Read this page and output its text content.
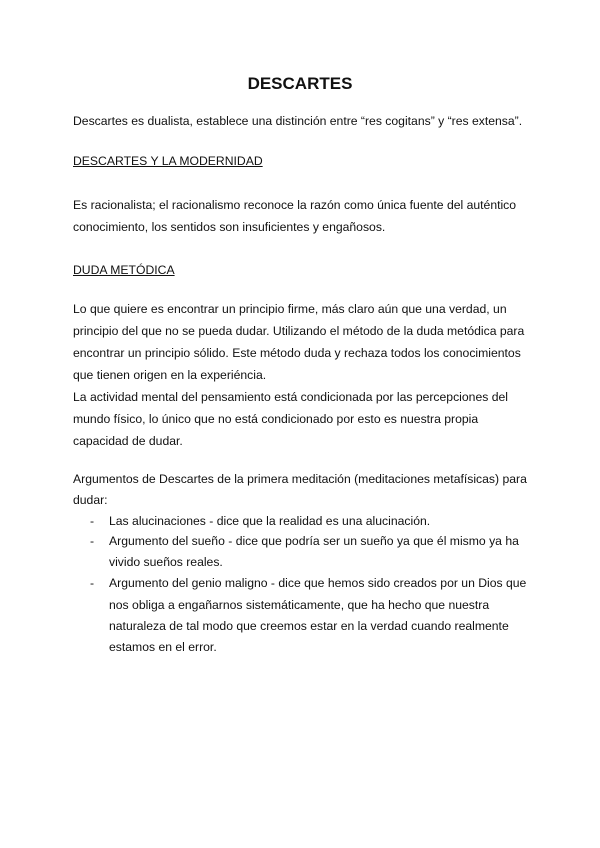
DESCARTES
Descartes es dualista, establece una distinción entre “res cogitans” y “res extensa”.
DESCARTES Y LA MODERNIDAD
Es racionalista; el racionalismo reconoce la razón como única fuente del auténtico
conocimiento, los sentidos son insuficientes y engañosos.
DUDA METÓDICA
Lo que quiere es encontrar un principio firme, más claro aún que una verdad, un
principio del que no se pueda dudar. Utilizando el método de la duda metódica para
encontrar un principio sólido. Este método duda y rechaza todos los conocimientos
que tienen origen en la experiéncia.
La actividad mental del pensamiento está condicionada por las percepciones del
mundo físico, lo único que no está condicionado por esto es nuestra propia
capacidad de dudar.
Argumentos de Descartes de la primera meditación (meditaciones metafísicas) para
dudar:
- Las alucinaciones - dice que la realidad es una alucinación.
- Argumento del sueño - dice que podría ser un sueño ya que él mismo ya ha
vivido sueños reales.
- Argumento del genio maligno - dice que hemos sido creados por un Dios que
nos obliga a engañarnos sistemáticamente, que ha hecho que nuestra
naturaleza de tal modo que creemos estar en la verdad cuando realmente
estamos en el error.
